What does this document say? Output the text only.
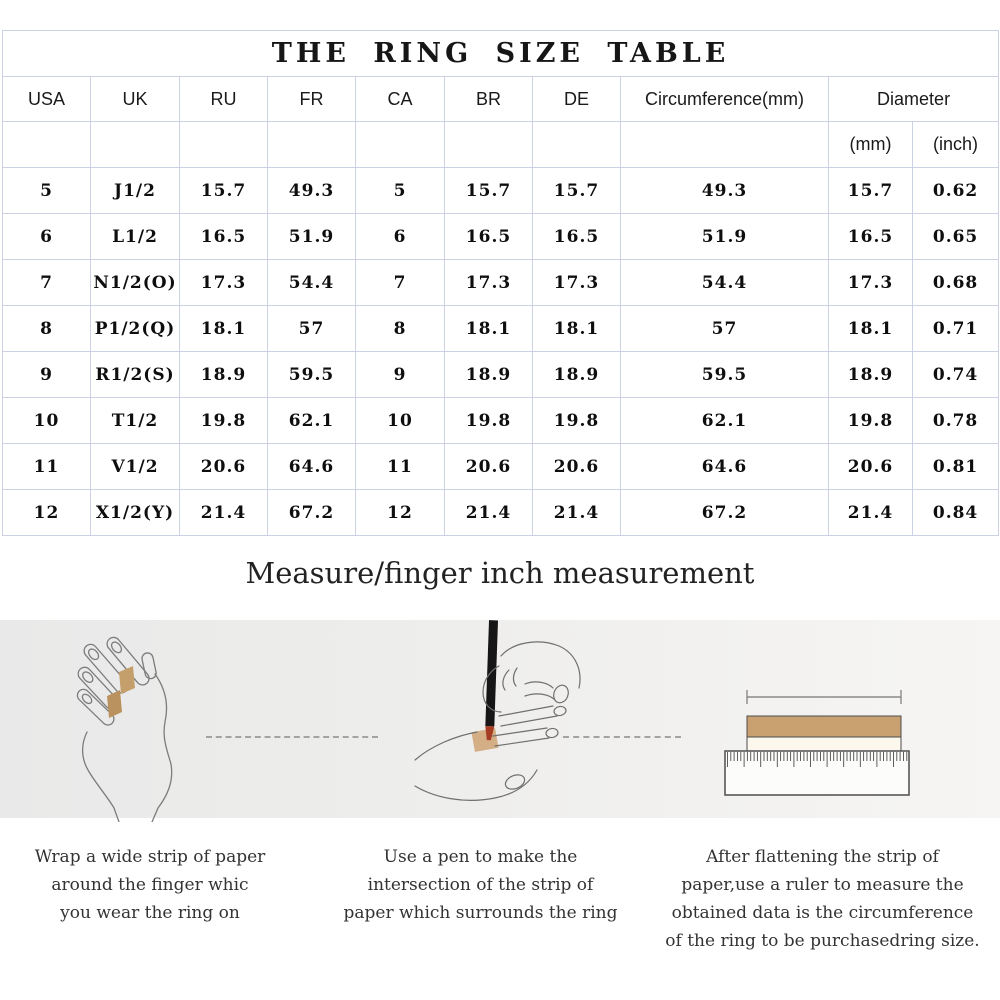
THE RING SIZE TABLE									
USA	UK	RU	FR	CA	BR	DE	Circumference(mm)	Diameter	
								(mm)	(inch)
5	J1/2	15.7	49.3	5	15.7	15.7	49.3	15.7	0.62
6	L1/2	16.5	51.9	6	16.5	16.5	51.9	16.5	0.65
7	N1/2(O)	17.3	54.4	7	17.3	17.3	54.4	17.3	0.68
8	P1/2(Q)	18.1	57	8	18.1	18.1	57	18.1	0.71
9	R1/2(S)	18.9	59.5	9	18.9	18.9	59.5	18.9	0.74
10	T1/2	19.8	62.1	10	19.8	19.8	62.1	19.8	0.78
11	V1/2	20.6	64.6	11	20.6	20.6	64.6	20.6	0.81
12	X1/2(Y)	21.4	67.2	12	21.4	21.4	67.2	21.4	0.84
Measure/finger inch measurement
Wrap a wide strip of paper
around the finger whic
you wear the ring on
Use a pen to make the
intersection of the strip of
paper which surrounds the ring
After flattening the strip of
paper,use a ruler to measure the
obtained data is the circumference
of the ring to be purchasedring size.
